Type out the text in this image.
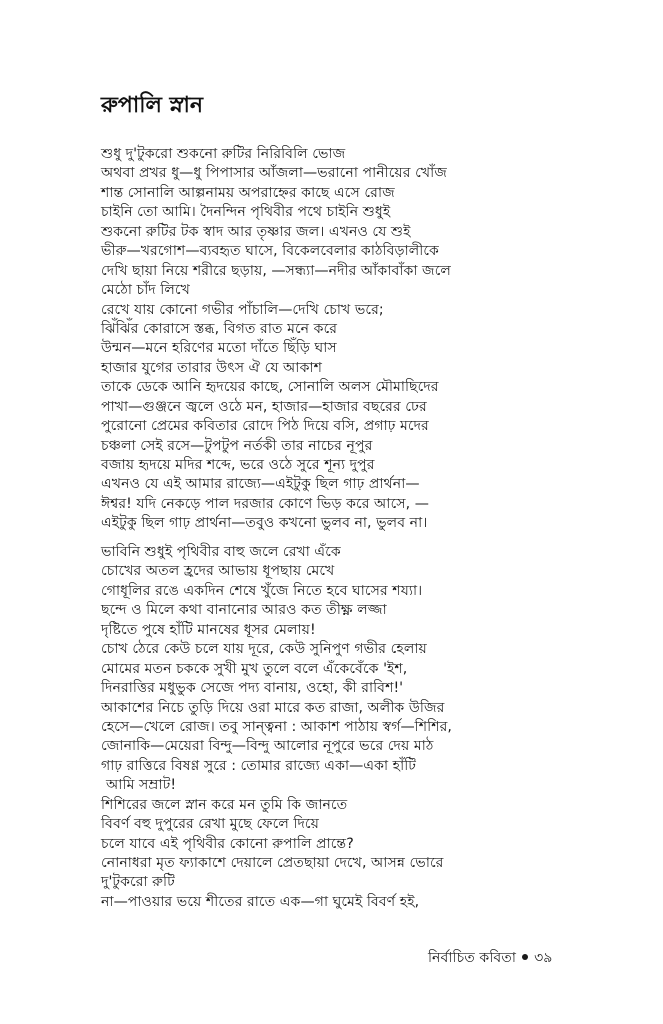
রুপালি স্নান
শুধু দু'টুকরো শুকনো রুটির নিরিবিলি ভোজ
অথবা প্রখর ধু—ধু পিপাসার আঁজলা—ভরানো পানীয়ের খোঁজ
শান্ত সোনালি আল্পনাময় অপরাহ্নের কাছে এসে রোজ
চাইনি তো আমি। দৈনন্দিন পৃথিবীর পথে চাইনি শুধুই
শুকনো রুটির টক স্বাদ আর তৃষ্ণার জল। এখনও যে শুই
ভীরু—খরগোশ—ব্যবহৃত ঘাসে, বিকেলবেলার কাঠবিড়ালীকে
দেখি ছায়া নিয়ে শরীরে ছড়ায়, —সন্ধ্যা—নদীর আঁকাবাঁকা জলে
মেঠো চাঁদ লিখে
রেখে যায় কোনো গভীর পাঁচালি—দেখি চোখ ভরে;
ঝিঁঝিঁর কোরাসে স্তব্ধ, বিগত রাত মনে করে
উন্মন—মনে হরিণের মতো দাঁতে ছিঁড়ি ঘাস
হাজার যুগের তারার উৎস ঐ যে আকাশ
তাকে ডেকে আনি হৃদয়ের কাছে, সোনালি অলস মৌমাছিদের
পাখা—গুঞ্জনে জ্বলে ওঠে মন, হাজার—হাজার বছরের ঢের
পুরোনো প্রেমের কবিতার রোদে পিঠ দিয়ে বসি, প্রগাঢ় মদের
চঞ্চলা সেই রসে—টুপটুপ নর্তকী তার নাচের নূপুর
বজায় হৃদয়ে মদির শব্দে, ভরে ওঠে সুরে শূন্য দুপুর
এখনও যে এই আমার রাজ্যে—এইটুকু ছিল গাঢ় প্রার্থনা—
ঈশ্বর! যদি নেকড়ে পাল দরজার কোণে ভিড় করে আসে, —
এইটুকু ছিল গাঢ় প্রার্থনা—তবুও কখনো ভুলব না, ভুলব না।
ভাবিনি শুধুই পৃথিবীর বাহু জলে রেখা এঁকে
চোখের অতল হ্রদের আভায় ধূপছায় মেখে
গোধূলির রঙে একদিন শেষে খুঁজে নিতে হবে ঘাসের শয্যা।
ছন্দে ও মিলে কথা বানানোর আরও কত তীক্ষ্ণ লজ্জা
দৃষ্টিতে পুষে হাঁটি মানষের ধূসর মেলায়!
চোখ ঠেরে কেউ চলে যায় দূরে, কেউ সুনিপুণ গভীর হেলায়
মোমের মতন চককে সুখী মুখ তুলে বলে এঁকেবেঁকে 'ইশ,
দিনরাত্তির মধুভুক সেজে পদ্য বানায়, ওহো, কী রাবিশ!'
আকাশের নিচে তুড়ি দিয়ে ওরা মারে কত রাজা, অলীক উজির
হেসে—খেলে রোজ। তবু সান্ত্বনা : আকাশ পাঠায় স্বর্গ—শিশির,
জোনাকি—মেয়েরা বিন্দু—বিন্দু আলোর নূপুরে ভরে দেয় মাঠ
গাঢ় রাত্তিরে বিষণ্ণ সুরে : তোমার রাজ্যে একা—একা হাঁটি
আমি সম্রাট!
শিশিরের জলে স্নান করে মন তুমি কি জানতে
বিবর্ণ বহু দুপুরের রেখা মুছে ফেলে দিয়ে
চলে যাবে এই পৃথিবীর কোনো রুপালি প্রান্তে?
নোনাধরা মৃত ফ্যাকাশে দেয়ালে প্রেতছায়া দেখে, আসন্ন ভোরে
দু'টুকরো রুটি
না—পাওয়ার ভয়ে শীতের রাতে এক—গা ঘুমেই বিবর্ণ হই,
নির্বাচিত কবিতা ৩৯
